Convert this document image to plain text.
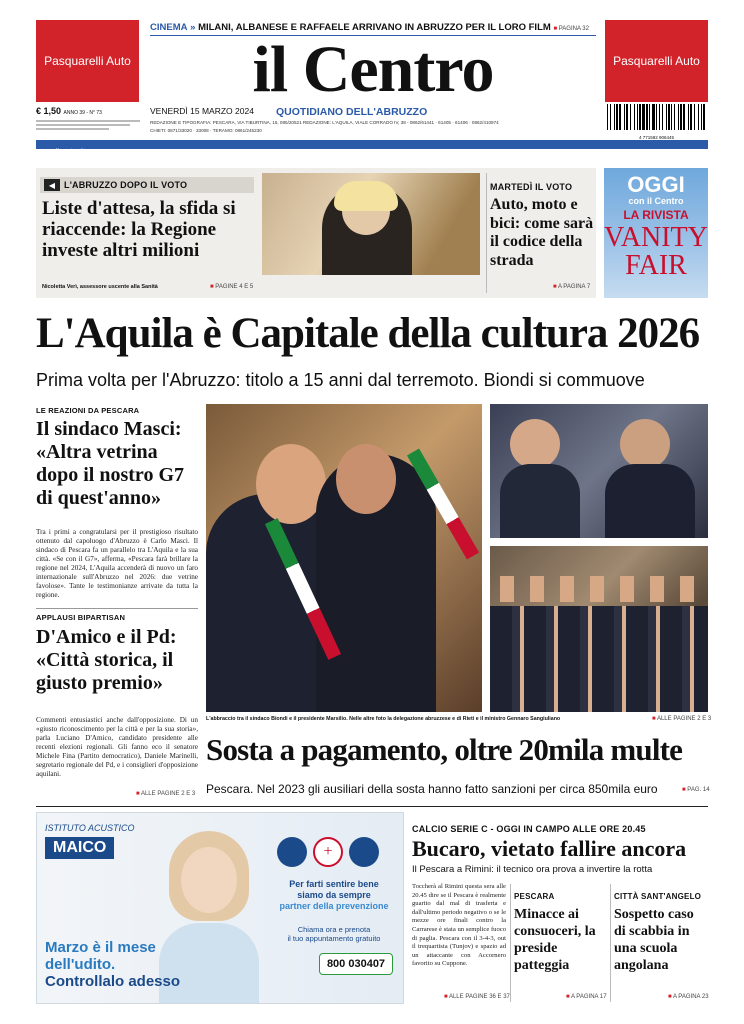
Pasquarelli Auto	Pasquarelli Auto
CINEMA » MILANI, ALBANESE E RAFFAELE ARRIVANO IN ABRUZZO PER IL LORO FILM ■ PAGINA 32
il Centro
€ 1,50 ANNO 39 - N° 73	VENERDÌ 15 MARZO 2024	QUOTIDIANO DELL'ABRUZZO
REDAZIONE E TIPOGRAFIA: PESCARA, VIA TIBURTINA, 15, 085/20521 REDAZIONE: L'AQUILA, VIALE CORRADO IV, 38 - 0862/61441 · 61405 · 61406 · 0862/410974
CHIETI: 0871/33020 · 33008 · TERAMO: 0861/245230
4 771592 906445
www.ilcentro.it
◀ L'ABRUZZO DOPO IL VOTO
Liste d'attesa, la sfida si riaccende: la Regione investe altri milioni
Nicoletta Verì, assessore uscente alla Sanità	■ PAGINE 4 E 5
MARTEDÌ IL VOTO
Auto, moto e bici: come sarà il codice della strada
■ A PAGINA 7
OGGI
con il Centro
LA RIVISTA
VANITY
FAIR
L'Aquila è Capitale della cultura 2026
Prima volta per l'Abruzzo: titolo a 15 anni dal terremoto. Biondi si commuove
LE REAZIONI DA PESCARA
Il sindaco Masci: «Altra vetrina dopo il nostro G7 di quest'anno»
Tra i primi a congratularsi per il prestigioso risultato ottenuto dal capoluogo d'Abruzzo è Carlo Masci. Il sindaco di Pescara fa un parallelo tra L'Aquila e la sua città. «Se con il G7», afferma, «Pescara farà brillare la regione nel 2024, L'Aquila accenderà di nuovo un faro internazionale sull'Abruzzo nel 2026: due vetrine favolose». Tante le testimonianze arrivate da tutta la regione.
APPLAUSI BIPARTISAN
D'Amico e il Pd: «Città storica, il giusto premio»
Commenti entusiastici anche dall'opposizione. Di un «giusto riconoscimento per la città e per la sua storia», parla Luciano D'Amico, candidato presidente alle recenti elezioni regionali. Gli fanno eco il senatore Michele Fina (Partito democratico), Daniele Marinelli, segretario regionale del Pd, e i consiglieri d'opposizione aquilani.
■ ALLE PAGINE 2 E 3
L'abbraccio tra il sindaco Biondi e il presidente Marsilio. Nelle altre foto la delegazione abruzzese e di Rieti e il ministro Gennaro Sangiuliano	■ ALLE PAGINE 2 E 3
Sosta a pagamento, oltre 20mila multe
Pescara. Nel 2023 gli ausiliari della sosta hanno fatto sanzioni per circa 850mila euro	■ PAG. 14
ISTITUTO ACUSTICO
MAICO	+
Per farti sentire bene
siamo da sempre
partner della prevenzione
Chiama ora e prenota
il tuo appuntamento gratuito
800 030407
Marzo è il mese
dell'udito.
Controllalo adesso
CALCIO SERIE C - OGGI IN CAMPO ALLE ORE 20.45
Bucaro, vietato fallire ancora
Il Pescara a Rimini: il tecnico ora prova a invertire la rotta
Toccherà al Rimini questa sera alle 20.45 dire se il Pescara è realmente guarito dal mal di trasferta e dall'ultimo periodo negativo o se le mezze ore finali contro la Carrarese è stata un semplice fuoco di paglia. Pescara con il 3-4-3, out il trequartista (Tunjov) e spazio ad un attaccante con Accornero favorito su Cuppone.
■ ALLE PAGINE 36 E 37
PESCARA
Minacce ai consuoceri, la preside patteggia
■ A PAGINA 17
CITTÀ SANT'ANGELO
Sospetto caso di scabbia in una scuola angolana
■ A PAGINA 23
